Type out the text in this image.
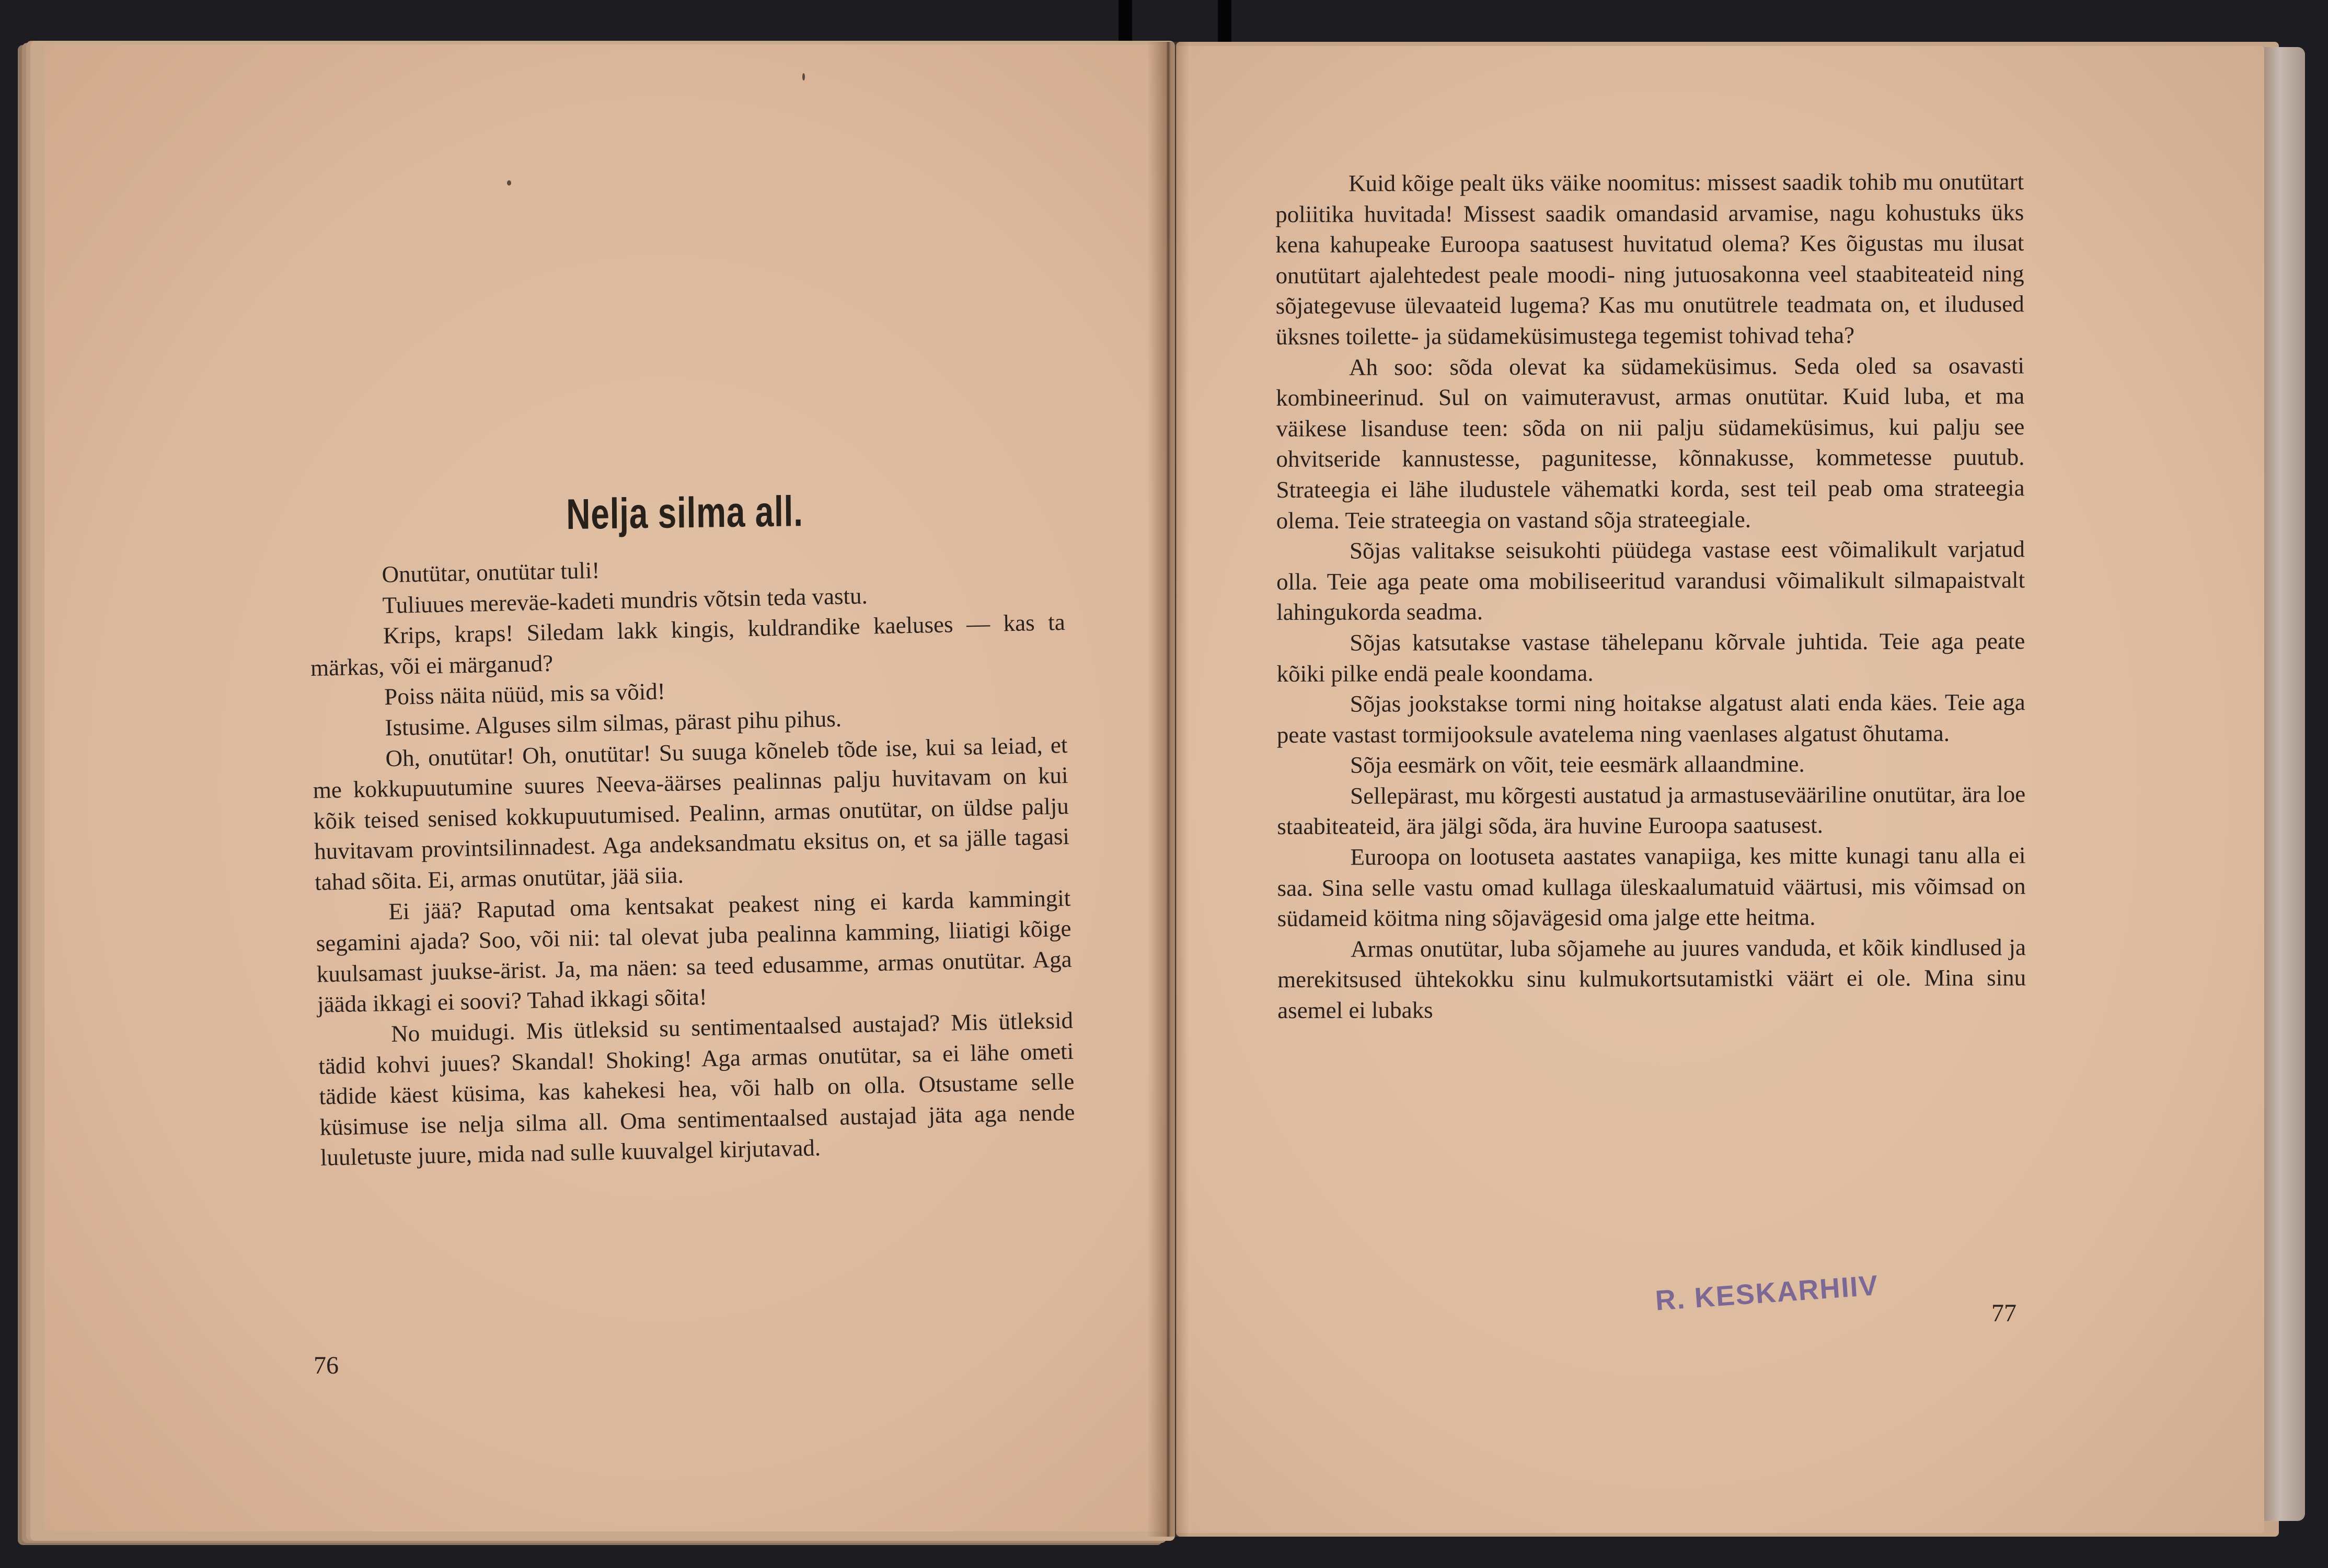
Nelja silma all.

Onutütar, onutütar tuli!

Tuliuues mereväe-kadeti mundris võtsin teda vastu.

Krips, kraps! Siledam lakk kingis, kuldrandike kaeluses — kas ta märkas, või ei märganud?

Poiss näita nüüd, mis sa võid!

Istusime. Alguses silm silmas, pärast pihu pihus.

Oh, onutütar! Oh, onutütar! Su suuga kõneleb tõde ise, kui sa leiad, et me kokkupuutumine suures Neeva-äärses pealinnas palju huvitavam on kui kõik teised senised kokkupuutumised. Pealinn, armas onutütar, on üldse palju huvitavam provintsilinnadest. Aga andeksandmatu eksitus on, et sa jälle tagasi tahad sõita. Ei, armas onutütar, jää siia.

Ei jää? Raputad oma kentsakat peakest ning ei karda kammingit segamini ajada? Soo, või nii: tal olevat juba pealinna kamming, liiatigi kõige kuulsamast juukse-ärist. Ja, ma näen: sa teed edusamme, armas onutütar. Aga jääda ikkagi ei soovi? Tahad ikkagi sõita!

No muidugi. Mis ütleksid su sentimentaalsed austajad? Mis ütleksid tädid kohvi juues? Skandal! Shoking! Aga armas onutütar, sa ei lähe ometi tädide käest küsima, kas kahekesi hea, või halb on olla. Otsustame selle küsimuse ise nelja silma all. Oma sentimentaalsed austajad jäta aga nende luuletuste juure, mida nad sulle kuuvalgel kirjutavad.

76

Kuid kõige pealt üks väike noomitus: missest saadik tohib mu onutütart poliitika huvitada! Missest saadik omandasid arvamise, nagu kohustuks üks kena kahupeake Euroopa saatusest huvitatud olema? Kes õigustas mu ilusat onutütart ajalehtedest peale moodi- ning jutuosakonna veel staabiteateid ning sõjategevuse ülevaateid lugema? Kas mu onutütrele teadmata on, et iludused üksnes toilette- ja südameküsimustega tegemist tohivad teha?

Ah soo: sõda olevat ka südameküsimus. Seda oled sa osavasti kombineerinud. Sul on vaimuteravust, armas onutütar. Kuid luba, et ma väikese lisanduse teen: sõda on nii palju südameküsimus, kui palju see ohvitseride kannustesse, pagunitesse, kõnnakusse, kommetesse puutub. Strateegia ei lähe iludustele vähematki korda, sest teil peab oma strateegia olema. Teie strateegia on vastand sõja strateegiale.

Sõjas valitakse seisukohti püüdega vastase eest võimalikult varjatud olla. Teie aga peate oma mobiliseeritud varandusi võimalikult silmapaistvalt lahingukorda seadma.

Sõjas katsutakse vastase tähelepanu kõrvale juhtida. Teie aga peate kõiki pilke endä peale koondama.

Sõjas jookstakse tormi ning hoitakse algatust alati enda käes. Teie aga peate vastast tormijooksule avatelema ning vaenlases algatust õhutama.

Sõja eesmärk on võit, teie eesmärk allaandmine.

Sellepärast, mu kõrgesti austatud ja armastusevääriline onutütar, ära loe staabiteateid, ära jälgi sõda, ära huvine Euroopa saatusest.

Euroopa on lootuseta aastates vanapiiga, kes mitte kunagi tanu alla ei saa. Sina selle vastu omad kullaga üleskaalumatuid väärtusi, mis võimsad on südameid köitma ning sõjavägesid oma jalge ette heitma.

Armas onutütar, luba sõjamehe au juures vanduda, et kõik kindlused ja merekitsused ühtekokku sinu kulmukortsutamistki väärt ei ole. Mina sinu asemel ei lubaks

R. KESKARHIIV	77
